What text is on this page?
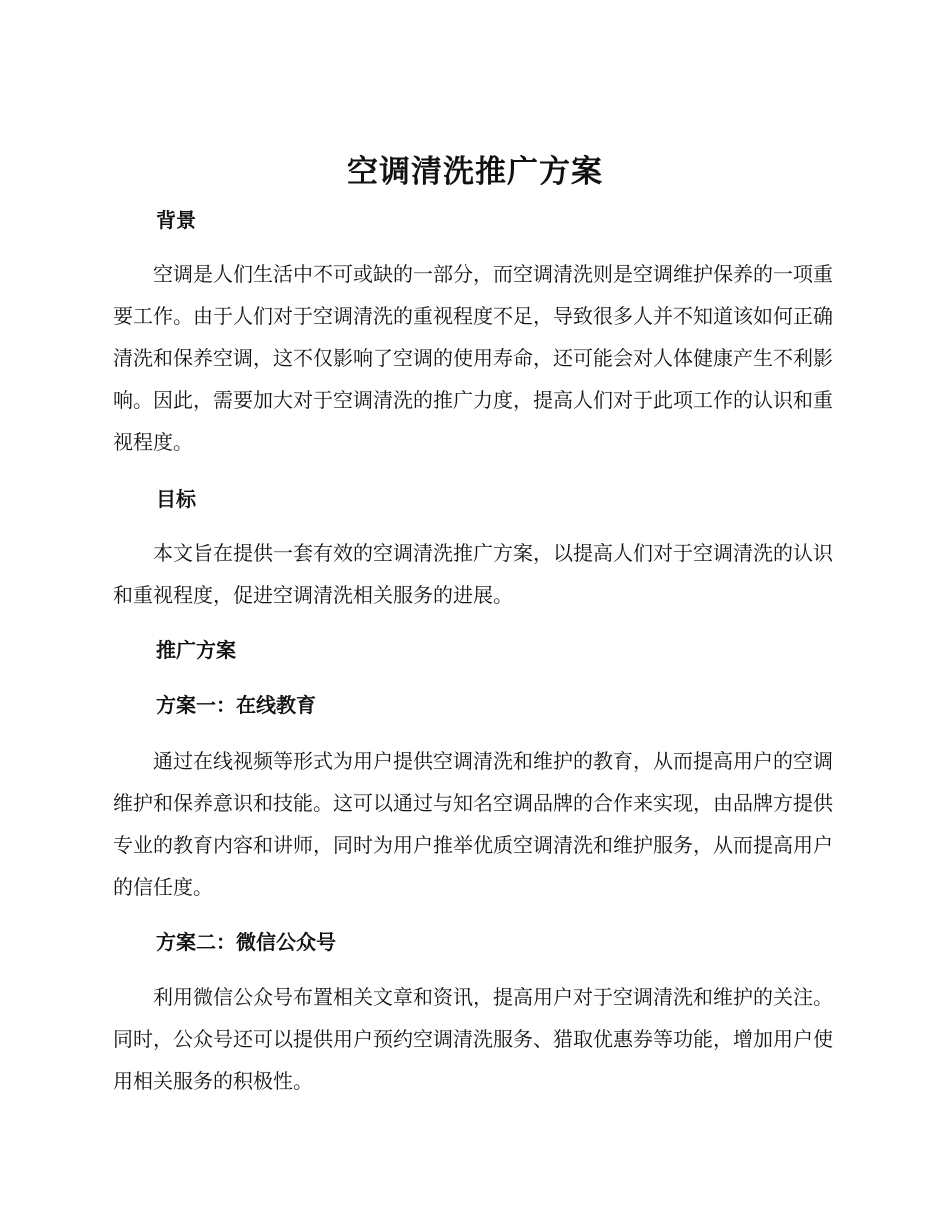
空调清洗推广方案
背景

空调是人们生活中不可或缺的一部分，而空调清洗则是空调维护保养的一项重要工作。由于人们对于空调清洗的重视程度不足，导致很多人并不知道该如何正确清洗和保养空调，这不仅影响了空调的使用寿命，还可能会对人体健康产生不利影响。因此，需要加大对于空调清洗的推广力度，提高人们对于此项工作的认识和重视程度。

目标

本文旨在提供一套有效的空调清洗推广方案，以提高人们对于空调清洗的认识和重视程度，促进空调清洗相关服务的进展。

推广方案
方案一：在线教育

通过在线视频等形式为用户提供空调清洗和维护的教育，从而提高用户的空调维护和保养意识和技能。这可以通过与知名空调品牌的合作来实现，由品牌方提供专业的教育内容和讲师，同时为用户推举优质空调清洗和维护服务，从而提高用户的信任度。

方案二：微信公众号

利用微信公众号布置相关文章和资讯，提高用户对于空调清洗和维护的关注。同时，公众号还可以提供用户预约空调清洗服务、猎取优惠券等功能，增加用户使用相关服务的积极性。
